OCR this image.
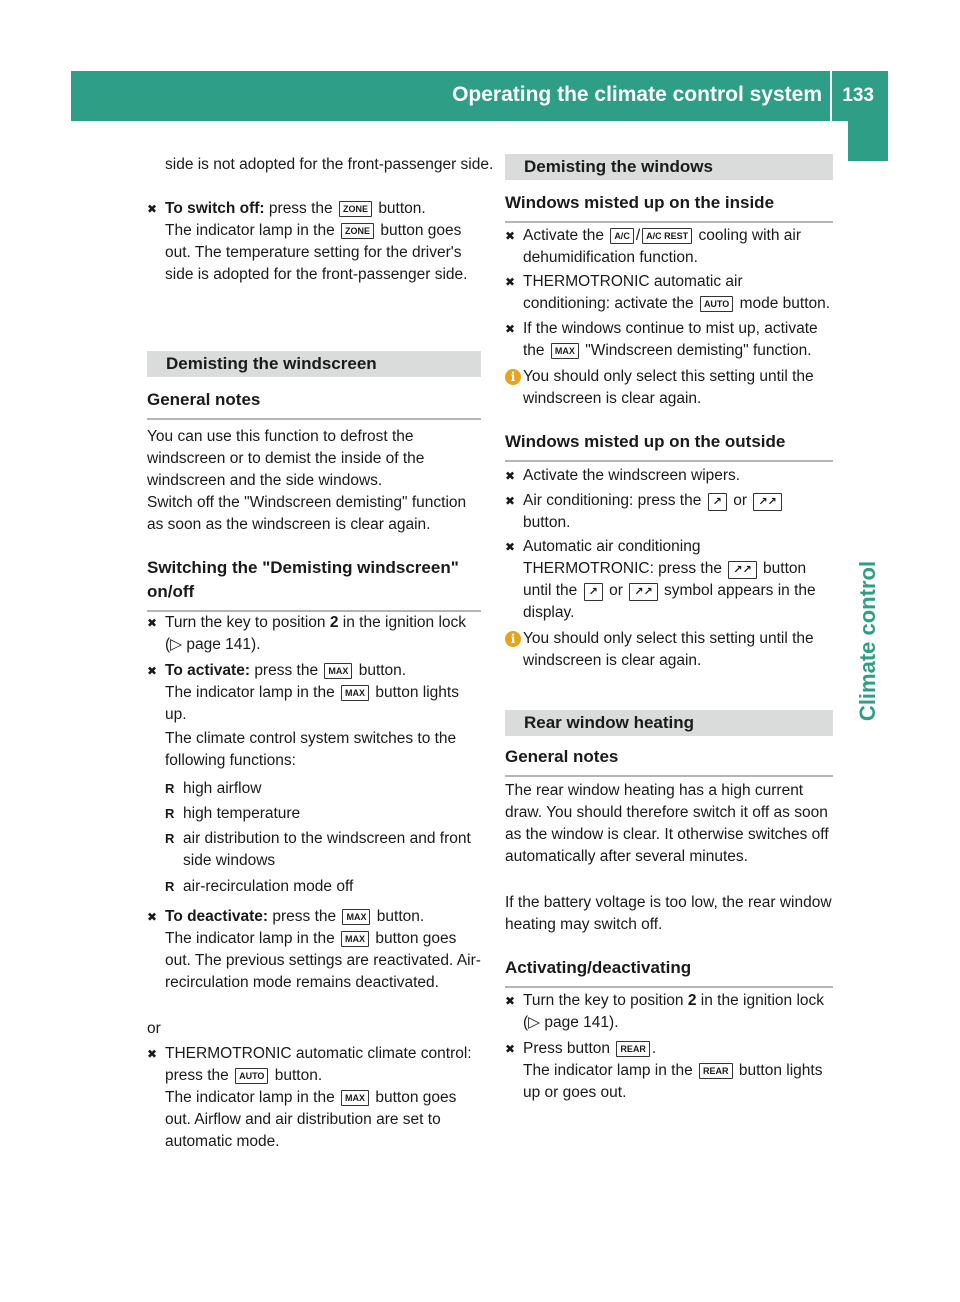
Operating the climate control system 133
Climate control

side is not adopted for the front-passenger side.

✖ To switch off: press the ZONE button.
The indicator lamp in the ZONE button goes out. The temperature setting for the driver's side is adopted for the front-passenger side.
Demisting the windscreen
General notes

You can use this function to defrost the windscreen or to demist the inside of the windscreen and the side windows.

Switch off the "Windscreen demisting" function as soon as the windscreen is clear again.

Switching the "Demisting windscreen" on/off
✖ Turn the key to position 2 in the ignition lock (▷ page 141).
✖ To activate: press the MAX button.
The indicator lamp in the MAX button lights up.

The climate control system switches to the following functions:

R high airflow
R high temperature
R air distribution to the windscreen and front side windows
R air-recirculation mode off
✖ To deactivate: press the MAX button.
The indicator lamp in the MAX button goes out. The previous settings are reactivated. Air-recirculation mode remains deactivated.

or

✖ THERMOTRONIC automatic climate control: press the AUTO button.
The indicator lamp in the MAX button goes out. Airflow and air distribution are set to automatic mode.
Demisting the windows
Windows misted up on the inside
✖ Activate the A/C / A/C REST cooling with air dehumidification function.
✖ THERMOTRONIC automatic air conditioning: activate the AUTO mode button.
✖ If the windows continue to mist up, activate the MAX "Windscreen demisting" function.
i You should only select this setting until the windscreen is clear again.
Windows misted up on the outside
✖ Activate the windscreen wipers.
✖ Air conditioning: press the ↗ or ↗↗ button.
✖ Automatic air conditioning THERMOTRONIC: press the ↗↗ button until the ↗ or ↗↗ symbol appears in the display.
i You should only select this setting until the windscreen is clear again.
Rear window heating
General notes

The rear window heating has a high current draw. You should therefore switch it off as soon as the window is clear. It otherwise switches off automatically after several minutes.

If the battery voltage is too low, the rear window heating may switch off.

Activating/deactivating
✖ Turn the key to position 2 in the ignition lock (▷ page 141).
✖ Press button REAR .
The indicator lamp in the REAR button lights up or goes out.
